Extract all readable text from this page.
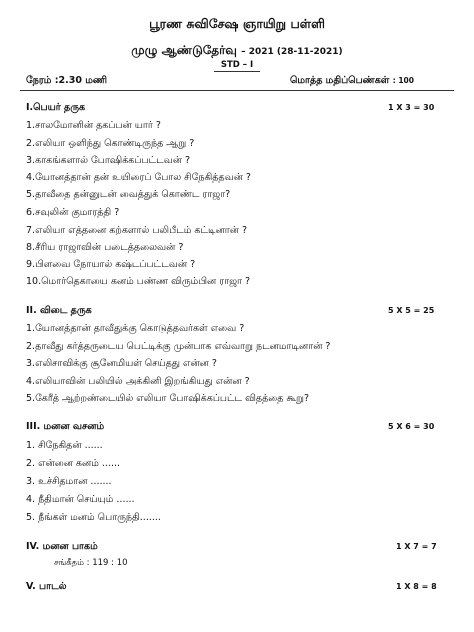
பூரண சுவிசேஷ ஞாயிறு பள்ளி
முழு ஆண்டுதேர்வு – 2021 (28-11-2021)
STD – I
நேரம் :2.30 மணி	மொத்த மதிப்பெண்கள் : 100
I.பெயர் தருக	1 X 3 = 30
1.சாலமோனின் தகப்பன் யார் ?
2.எலியா ஒளிந்து கொண்டிருந்த ஆறு ?
3.காகங்களால் போஷிக்கப்பட்டவன் ?
4.யோனத்தான் தன் உயிரைப் போல சிநேகித்தவன் ?
5.தாவீதை தன்னுடன் வைத்துக் கொண்ட ராஜா?
6.சவுலின் குமாரத்தி ?
7.எலியா எத்தனை கற்களால் பலிபீடம் கட்டினான் ?
8.சீரிய ராஜாவின் படைத்தலைவன் ?
9.பிளவை நோயால் கஷ்டப்பட்டவன் ?
10.மொர்தெகாயை கனம் பண்ண விரும்பின ராஜா ?
II. விடை தருக	5 X 5 = 25
1.யோனத்தான் தாவீதுக்கு கொடுத்தவர்கள் எவை ?
2.தாவீது கர்த்தருடைய பெட்டிக்கு முன்பாக எவ்வாறு நடனமாடினான் ?
3.எலிசாவிக்கு சூனேமியள் செய்தது என்ன ?
4.எலியாவின் பலியில் அக்கினி இறங்கியது என்ன ?
5.கேரீத் ஆற்றண்டையில் எலியா போஷிக்கப்பட்ட விதத்தை கூறு?
III. மனன வசனம்	5 X 6 = 30
1. சிநேகிதன் ......
2. என்னை கனம் ......
3. உச்சிதமான .......
4. நீதிமான் செய்யும் ......
5. நீங்கள் மனம் பொருந்தி.......
IV. மனன பாகம்	1 X 7 = 7
சங்கீதம் : 119 : 10
V. பாடல்	1 X 8 = 8
